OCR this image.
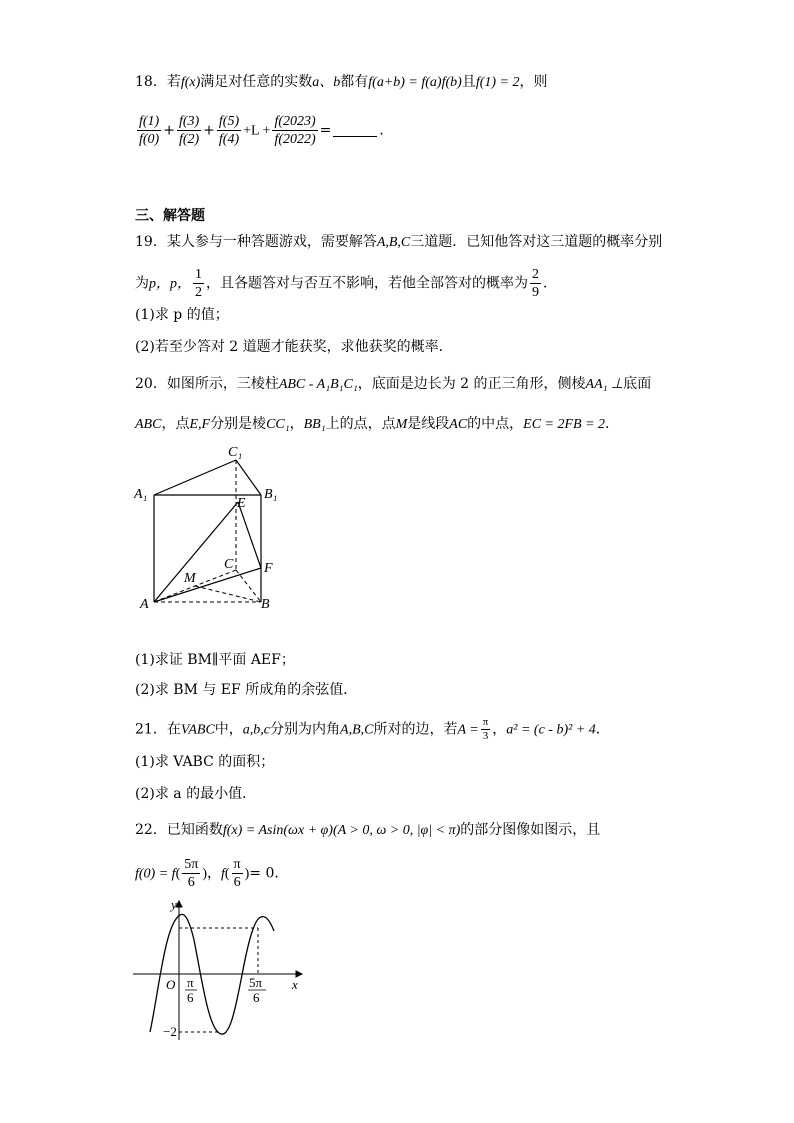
18．若f(x)满足对任意的实数a、b都有f(a+b) = f(a)f(b)且f(1) = 2，则
$\frac{f(1)}{f(0)} + \frac{f(3)}{f(2)} + \frac{f(5)}{f(4)} +L + \frac{f(2023)}{f(2022)}$ =	．
三、解答题
19．某人参与一种答题游戏，需要解答A,B,C三道题．已知他答对这三道题的概率分别
为p，p， $\frac{1}{2}$ ，且各题答对与否互不影响，若他全部答对的概率为 $\frac{2}{9}$ ．
(1)求 p 的值；
(2)若至少答对 2 道题才能获奖，求他获奖的概率．
20．如图所示，三棱柱ABC - A₁B₁C₁，底面是边长为 2 的正三角形，侧棱AA₁ ⊥底面
ABC，点E,F分别是棱CC₁，BB₁上的点，点M是线段AC的中点，EC = 2FB = 2．
C₁
A₁	B₁
E
C F
M
A	B
(1)求证 BM∥平面 AEF；
(2)求 BM 与 EF 所成角的余弦值．
21．在VABC中，a,b,c分别为内角A,B,C所对的边，若$A = \frac{\pi}{3}$ ，a² = (c - b)² + 4．
(1)求 VABC 的面积；
(2)求 a 的最小值．
22．已知函数f(x) = Asin(ωx + φ)(A > 0, ω > 0, |φ| < π)的部分图像如图示，且
$f(0) = f( \frac{5\pi}{6}$ )，$f( \frac{\pi}{6}$ )= 0．
y
x
O π
6
5π
6
−2
